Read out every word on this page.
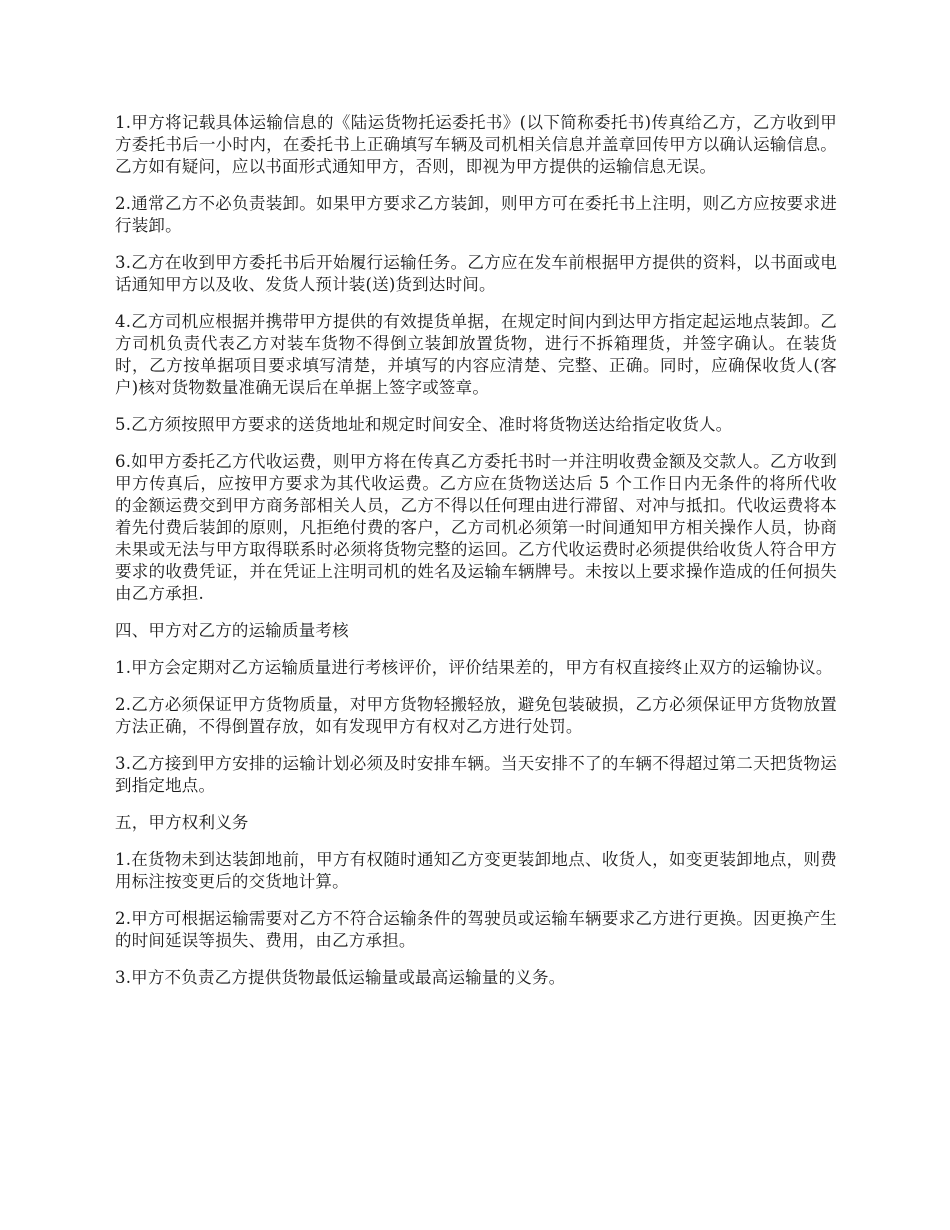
1.甲方将记载具体运输信息的《陆运货物托运委托书》(以下简称委托书)传真给乙方，乙方收到甲方委托书后一小时内，在委托书上正确填写车辆及司机相关信息并盖章回传甲方以确认运输信息。乙方如有疑问，应以书面形式通知甲方，否则，即视为甲方提供的运输信息无误。

2.通常乙方不必负责装卸。如果甲方要求乙方装卸，则甲方可在委托书上注明，则乙方应按要求进行装卸。

3.乙方在收到甲方委托书后开始履行运输任务。乙方应在发车前根据甲方提供的资料，以书面或电话通知甲方以及收、发货人预计装(送)货到达时间。

4.乙方司机应根据并携带甲方提供的有效提货单据，在规定时间内到达甲方指定起运地点装卸。乙方司机负责代表乙方对装车货物不得倒立装卸放置货物，进行不拆箱理货，并签字确认。在装货时，乙方按单据项目要求填写清楚，并填写的内容应清楚、完整、正确。同时，应确保收货人(客户)核对货物数量准确无误后在单据上签字或签章。

5.乙方须按照甲方要求的送货地址和规定时间安全、准时将货物送达给指定收货人。

6.如甲方委托乙方代收运费，则甲方将在传真乙方委托书时一并注明收费金额及交款人。乙方收到甲方传真后，应按甲方要求为其代收运费。乙方应在货物送达后 5 个工作日内无条件的将所代收的金额运费交到甲方商务部相关人员，乙方不得以任何理由进行滞留、对冲与抵扣。代收运费将本着先付费后装卸的原则，凡拒绝付费的客户，乙方司机必须第一时间通知甲方相关操作人员，协商未果或无法与甲方取得联系时必须将货物完整的运回。乙方代收运费时必须提供给收货人符合甲方要求的收费凭证，并在凭证上注明司机的姓名及运输车辆牌号。未按以上要求操作造成的任何损失由乙方承担.

四、甲方对乙方的运输质量考核

1.甲方会定期对乙方运输质量进行考核评价，评价结果差的，甲方有权直接终止双方的运输协议。

2.乙方必须保证甲方货物质量，对甲方货物轻搬轻放，避免包装破损，乙方必须保证甲方货物放置方法正确，不得倒置存放，如有发现甲方有权对乙方进行处罚。

3.乙方接到甲方安排的运输计划必须及时安排车辆。当天安排不了的车辆不得超过第二天把货物运到指定地点。

五，甲方权利义务

1.在货物未到达装卸地前，甲方有权随时通知乙方变更装卸地点、收货人，如变更装卸地点，则费用标注按变更后的交货地计算。

2.甲方可根据运输需要对乙方不符合运输条件的驾驶员或运输车辆要求乙方进行更换。因更换产生的时间延误等损失、费用，由乙方承担。

3.甲方不负责乙方提供货物最低运输量或最高运输量的义务。
